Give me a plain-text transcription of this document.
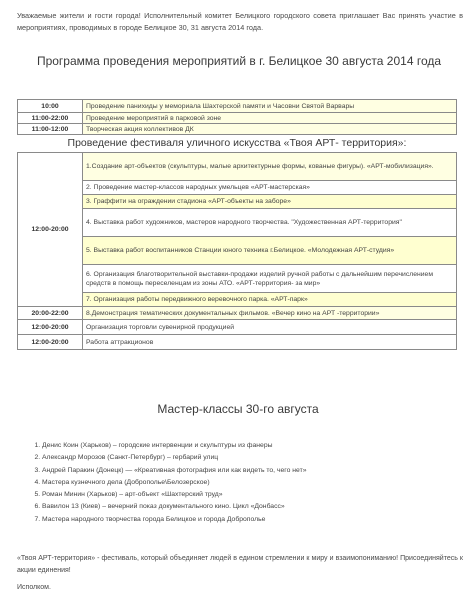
Уважаемые жители и гости города! Исполнительный комитет Белицкого городского совета приглашает Вас принять участие в мероприятиях, проводимых в городе Белицкое 30, 31 августа 2014 года.

Программа проведения мероприятий в г. Белицкое 30 августа 2014 года
10:00	Проведение панихиды у мемориала Шахтерской памяти и Часовни Святой Варвары
11:00-22:00	Проведение мероприятий в парковой зоне
11:00-12:00	Творческая акция коллективов ДК
Проведение фестиваля уличного искусства «Твоя АРТ- территория»:	
12:00-20:00	1.Создание арт-объектов (скульптуры, малые архитектурные формы, кованые фигуры). «АРТ-мобилизация».
	2. Проведение мастер-классов народных умельцев «АРТ-мастерская»
	3. Граффити на ограждении стадиона «АРТ-объекты на заборе»
	4. Выставка работ художников, мастеров народного творчества. "Художественная АРТ-территория"
	5. Выставка работ воспитанников Станции юного техника г.Белицкое. «Молодежная АРТ-студия»
	6. Организация благотворительной выставки-продажи изделий ручной работы с дальнейшим перечислением средств в помощь переселенцам из зоны АТО. «АРТ-территория- за мир»
	7. Организация работы передвижного веревочного парка. «АРТ-парк»
20:00-22:00	8.Демонстрация тематических документальных фильмов. «Вечер кино на АРТ -территории»
12:00-20:00	Организация торговли сувенирной продукцией
12:00-20:00	Работа аттракционов
Мастер-классы 30-го августа
1. Денис Коин (Харьков) – городские интервенции и скульптуры из фанеры
2. Александр Морозов (Санкт-Петербург) – гербарий улиц
3. Андрей Паракин (Донецк) — «Креативная фотография или как видеть то, чего нет»
4. Мастера кузнечного дела (Доброполье\Белозерское)
5. Роман Минин (Харьков) – арт-объект «Шахтерский труд»
6. Вавилон 13 (Киев) – вечерний показ документального кино. Цикл «Донбасс»
7. Мастера народного творчества города Белицкое и города Доброполье

«Твоя АРТ-территория» - фестиваль, который объединяет людей в едином стремлении к миру и взаимопониманию! Присоединяйтесь к акции единения!

Исполком.
